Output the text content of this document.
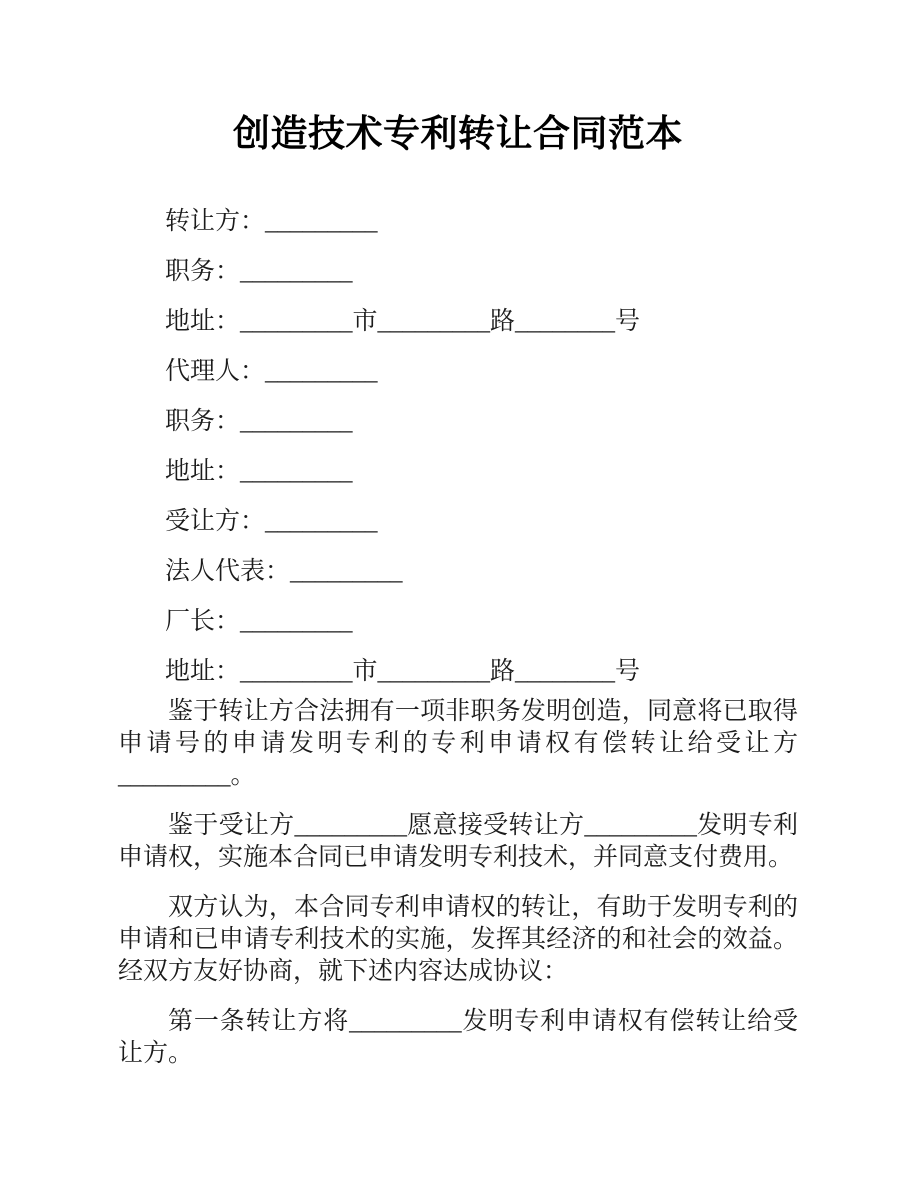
创造技术专利转让合同范本
转让方：_________
职务：_________
地址：_________市_________路________号
代理人：_________
职务：_________
地址：_________
受让方：_________
法人代表：_________
厂长：_________
地址：_________市_________路________号

鉴于转让方合法拥有一项非职务发明创造，同意将已取得申请号的申请发明专利的专利申请权有偿转让给受让方_________。

鉴于受让方_________愿意接受转让方_________发明专利申请权，实施本合同已申请发明专利技术，并同意支付费用。

双方认为，本合同专利申请权的转让，有助于发明专利的申请和已申请专利技术的实施，发挥其经济的和社会的效益。经双方友好协商，就下述内容达成协议：

第一条转让方将_________发明专利申请权有偿转让给受让方。
